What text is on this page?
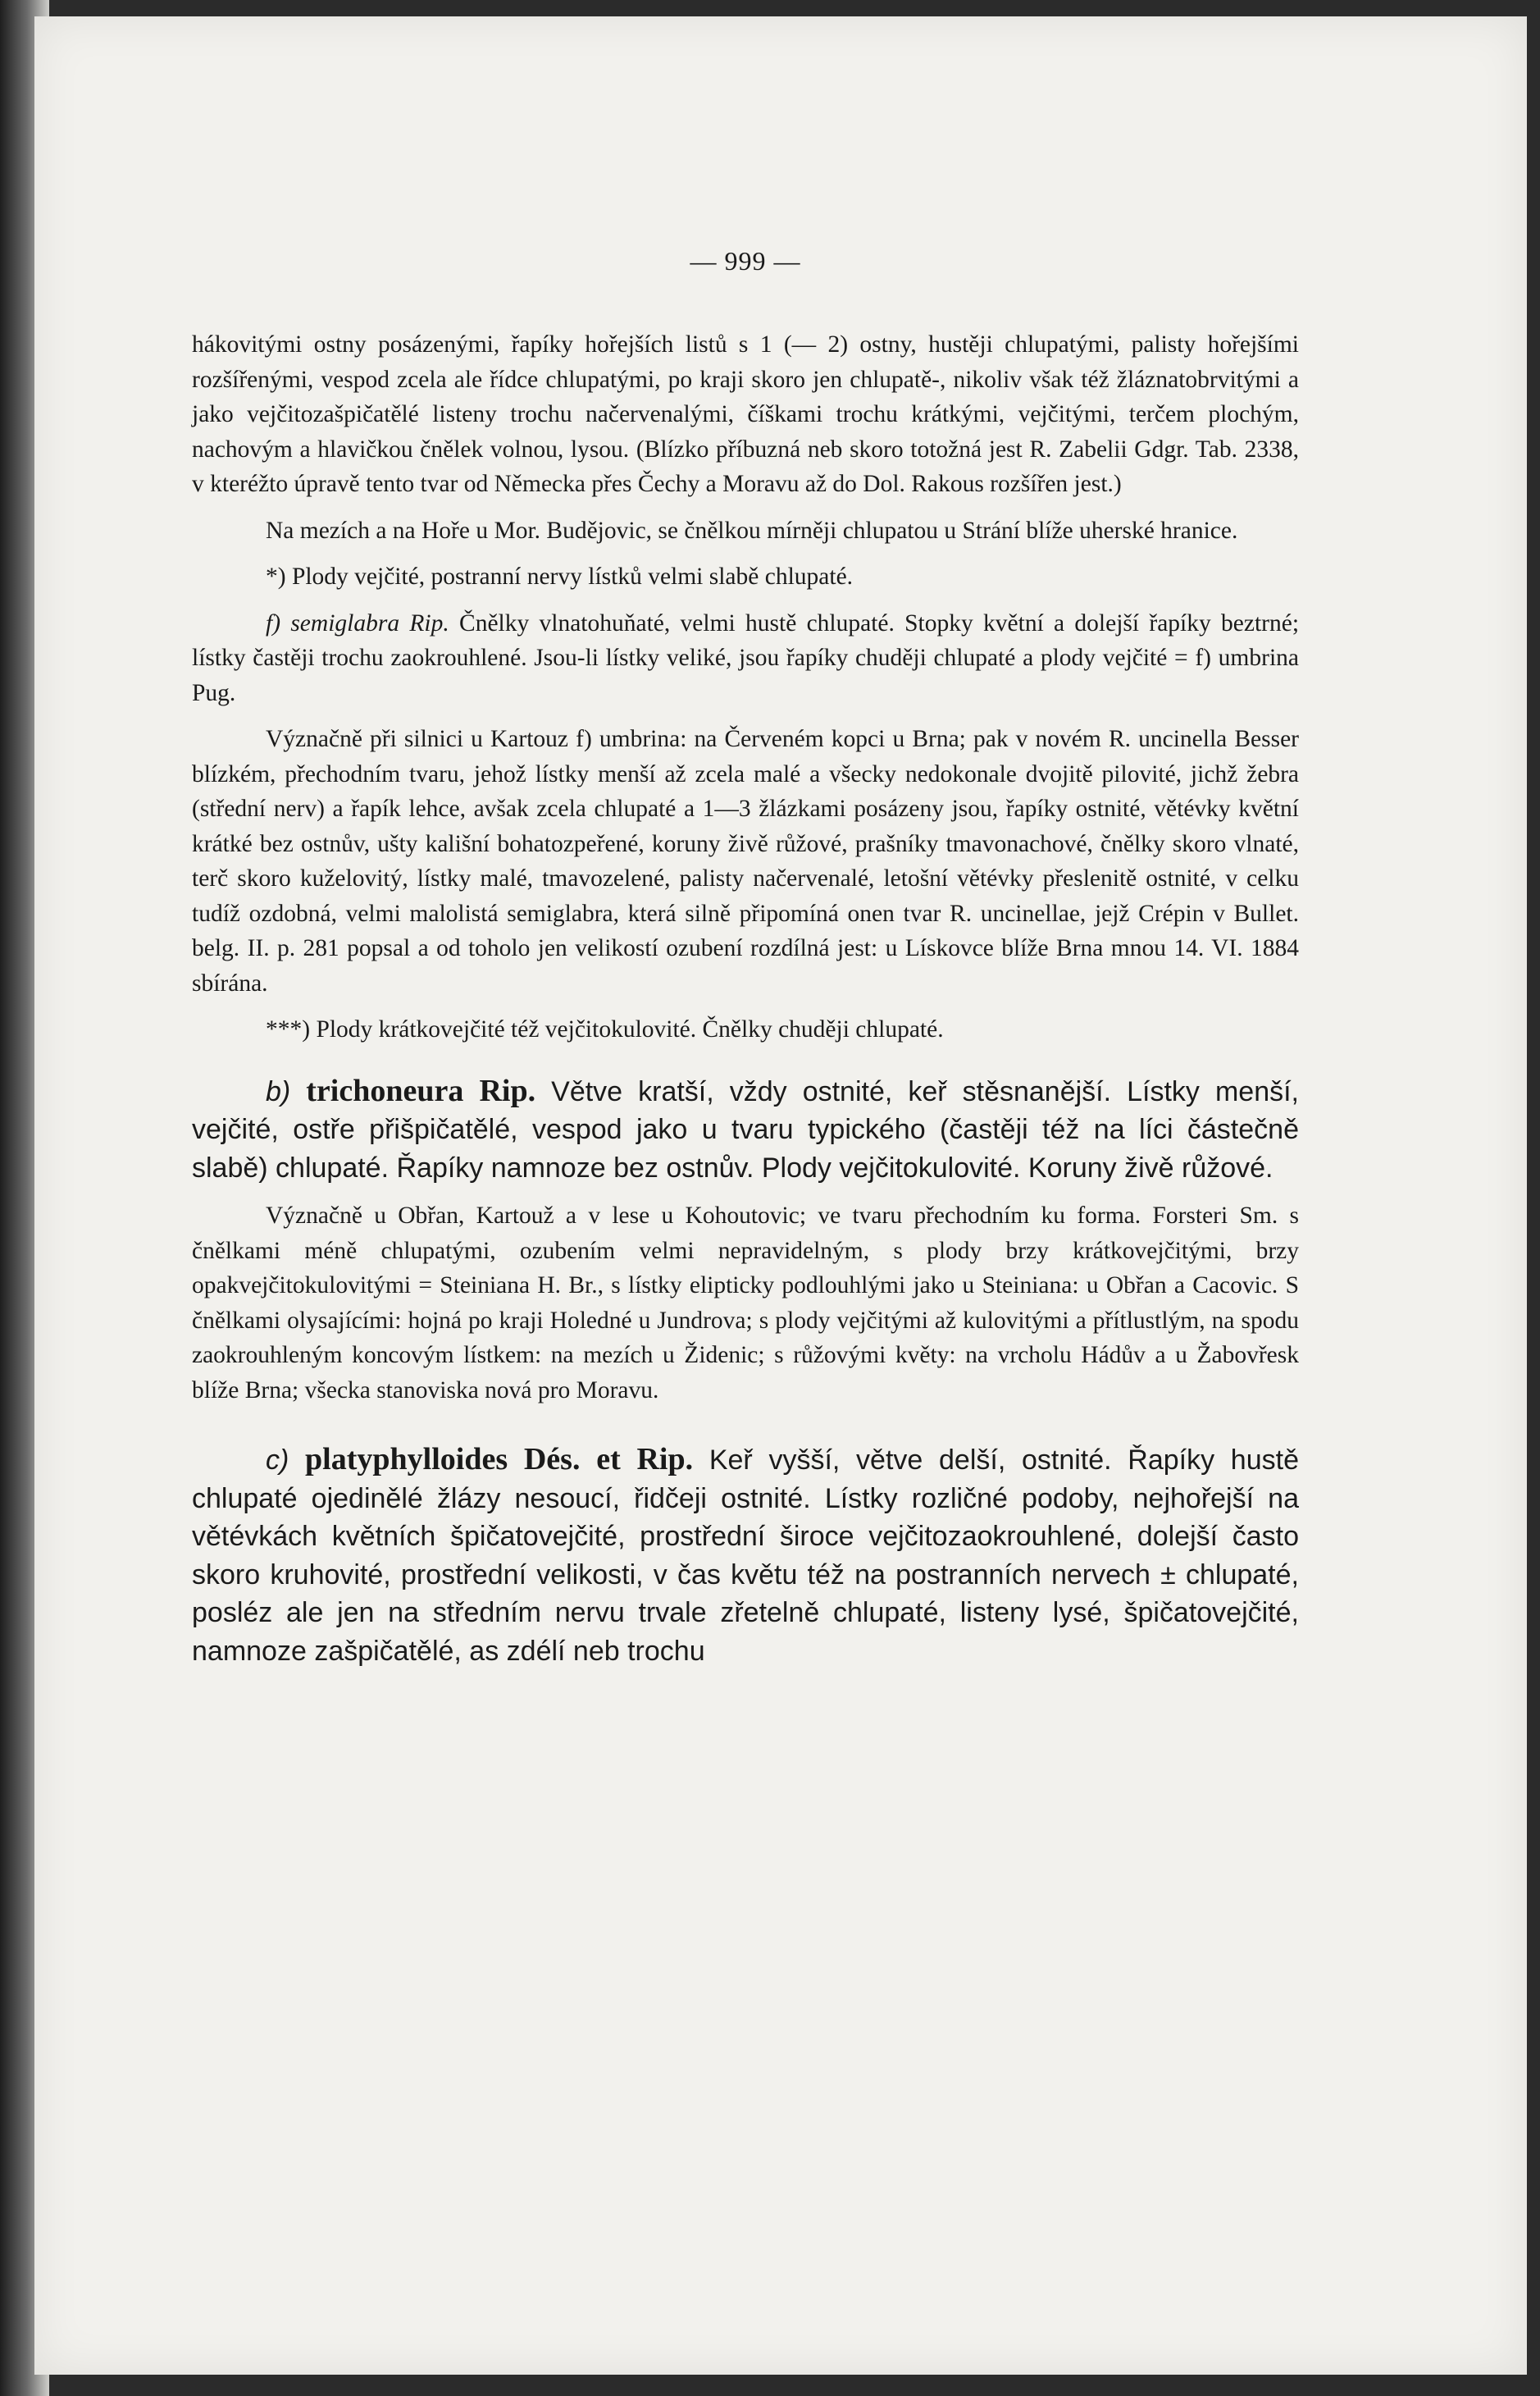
— 999 —

hákovitými ostny posázenými, řapíky hořejších listů s 1 (— 2) ostny, hustěji chlupatými, palisty hořejšími rozšířenými, vespod zcela ale řídce chlupatými, po kraji skoro jen chlupatě-, nikoliv však též žláznatobrvitými a jako vejčitozašpičatělé listeny trochu načervenalými, číškami trochu krátkými, vejčitými, terčem plochým, nachovým a hlavičkou čnělek volnou, lysou. (Blízko příbuzná neb skoro totožná jest R. Zabelii Gdgr. Tab. 2338, v kteréžto úpravě tento tvar od Německa přes Čechy a Moravu až do Dol. Rakous rozšířen jest.)

Na mezích a na Hoře u Mor. Budějovic, se čnělkou mírněji chlupatou u Strání blíže uherské hranice.

*) Plody vejčité, postranní nervy lístků velmi slabě chlupaté.

f) semiglabra Rip. Čnělky vlnatohuňaté, velmi hustě chlupaté. Stopky květní a dolejší řapíky beztrné; lístky častěji trochu zaokrouhlené. Jsou-li lístky veliké, jsou řapíky chuději chlupaté a plody vejčité = f) umbrina Pug.

Význačně při silnici u Kartouz f) umbrina: na Červeném kopci u Brna; pak v novém R. uncinella Besser blízkém, přechodním tvaru, jehož lístky menší až zcela malé a všecky nedokonale dvojitě pilovité, jichž žebra (střední nerv) a řapík lehce, avšak zcela chlupaté a 1—3 žlázkami posázeny jsou, řapíky ostnité, větévky květní krátké bez ostnův, ušty kališní bohatozpeřené, koruny živě růžové, prašníky tmavonachové, čnělky skoro vlnaté, terč skoro kuželovitý, lístky malé, tmavozelené, palisty načervenalé, letošní větévky přeslenitě ostnité, v celku tudíž ozdobná, velmi malolistá semiglabra, která silně připomíná onen tvar R. uncinellae, jejž Crépin v Bullet. belg. II. p. 281 popsal a od toholo jen velikostí ozubení rozdílná jest: u Lískovce blíže Brna mnou 14. VI. 1884 sbírána.

***) Plody krátkovejčité též vejčitokulovité. Čnělky chuději chlupaté.

b) trichoneura Rip. Větve kratší, vždy ostnité, keř stěsnanější. Lístky menší, vejčité, ostře přišpičatělé, vespod jako u tvaru typického (častěji též na líci částečně slabě) chlupaté. Řapíky namnoze bez ostnův. Plody vejčitokulovité. Koruny živě růžové.

Význačně u Obřan, Kartouž a v lese u Kohoutovic; ve tvaru přechodním ku forma. Forsteri Sm. s čnělkami méně chlupatými, ozubením velmi nepravidelným, s plody brzy krátkovejčitými, brzy opakvejčitokulovitými = Steiniana H. Br., s lístky elipticky podlouhlými jako u Steiniana: u Obřan a Cacovic. S čnělkami olysajícími: hojná po kraji Holedné u Jundrova; s plody vejčitými až kulovitými a přítlustlým, na spodu zaokrouhleným koncovým lístkem: na mezích u Židenic; s růžovými květy: na vrcholu Hádův a u Žabovřesk blíže Brna; všecka stanoviska nová pro Moravu.

c) platyphylloides Dés. et Rip. Keř vyšší, větve delší, ostnité. Řapíky hustě chlupaté ojedinělé žlázy nesoucí, řidčeji ostnité. Lístky rozličné podoby, nejhořejší na větévkách květních špičatovejčité, prostřední široce vejčitozaokrouhlené, dolejší často skoro kruhovité, prostřední velikosti, v čas květu též na postranních nervech ± chlupaté, posléz ale jen na středním nervu trvale zřetelně chlupaté, listeny lysé, špičatovejčité, namnoze zašpičatělé, as zdélí neb trochu
